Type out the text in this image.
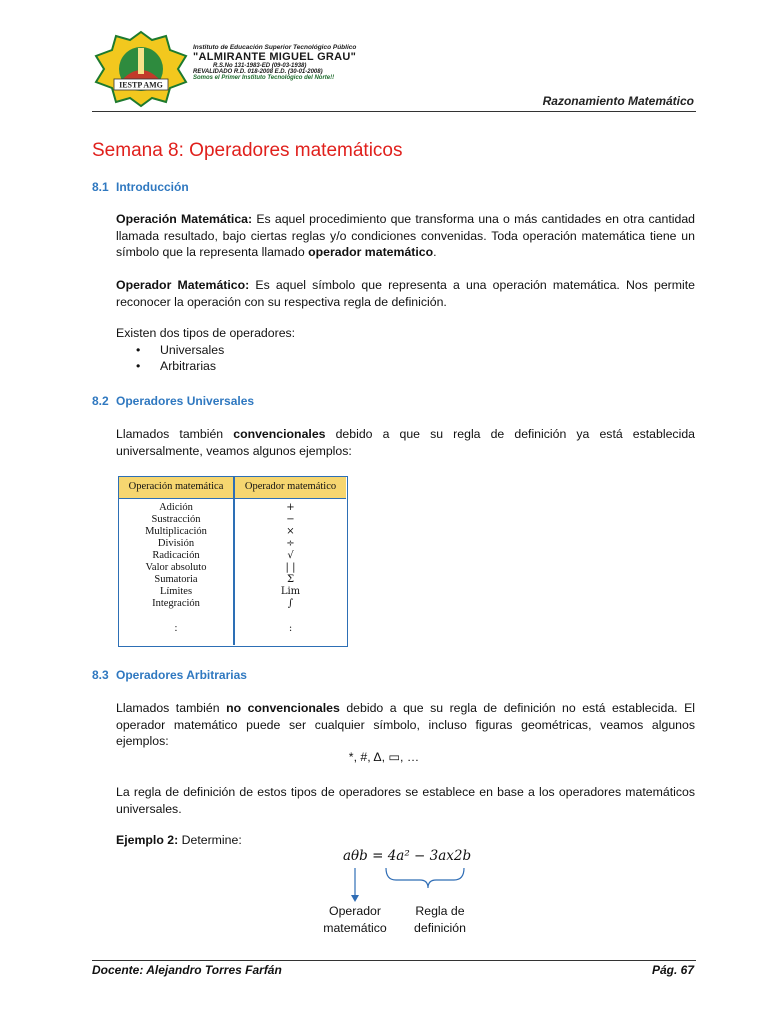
IESTP AMG
Instituto de Educación Superior Tecnológico Público
"ALMIRANTE MIGUEL GRAU"
R.S.No 131-1983-ED (09-03-1938)
REVALIDADO R.D. 018-2008 E.D. (30-01-2008)
Somos el Primer Instituto Tecnológico del Norte!!
Razonamiento Matemático
Semana 8: Operadores matemáticos
8.1 Introducción
Operación Matemática: Es aquel procedimiento que transforma una o más cantidades en otra cantidad llamada resultado, bajo ciertas reglas y/o condiciones convenidas. Toda operación matemática tiene un símbolo que la representa llamado operador matemático.
Operador Matemático: Es aquel símbolo que representa a una operación matemática. Nos permite reconocer la operación con su respectiva regla de definición.
Existen dos tipos de operadores:
• Universales
• Arbitrarias
8.2 Operadores Universales
Llamados también convencionales debido a que su regla de definición ya está establecida universalmente, veamos algunos ejemplos:
Operación matemática	Operador matemático
Adición	+
Sustracción	−
Multiplicación	×
División	÷
Radicación	√
Valor absoluto	| |
Sumatoria	Σ
Límites	Lim
Integración	∫
:	:
8.3 Operadores Arbitrarias
Llamados también no convencionales debido a que su regla de definición no está establecida. El operador matemático puede ser cualquier símbolo, incluso figuras geométricas, veamos algunos ejemplos:
*, #, Δ, ▭, …
La regla de definición de estos tipos de operadores se establece en base a los operadores matemáticos universales.
Ejemplo 2: Determine:
aθb = 4a² − 3ax2b
Operador
matemático
Regla de
definición
Docente: Alejandro Torres Farfán	Pág. 67
